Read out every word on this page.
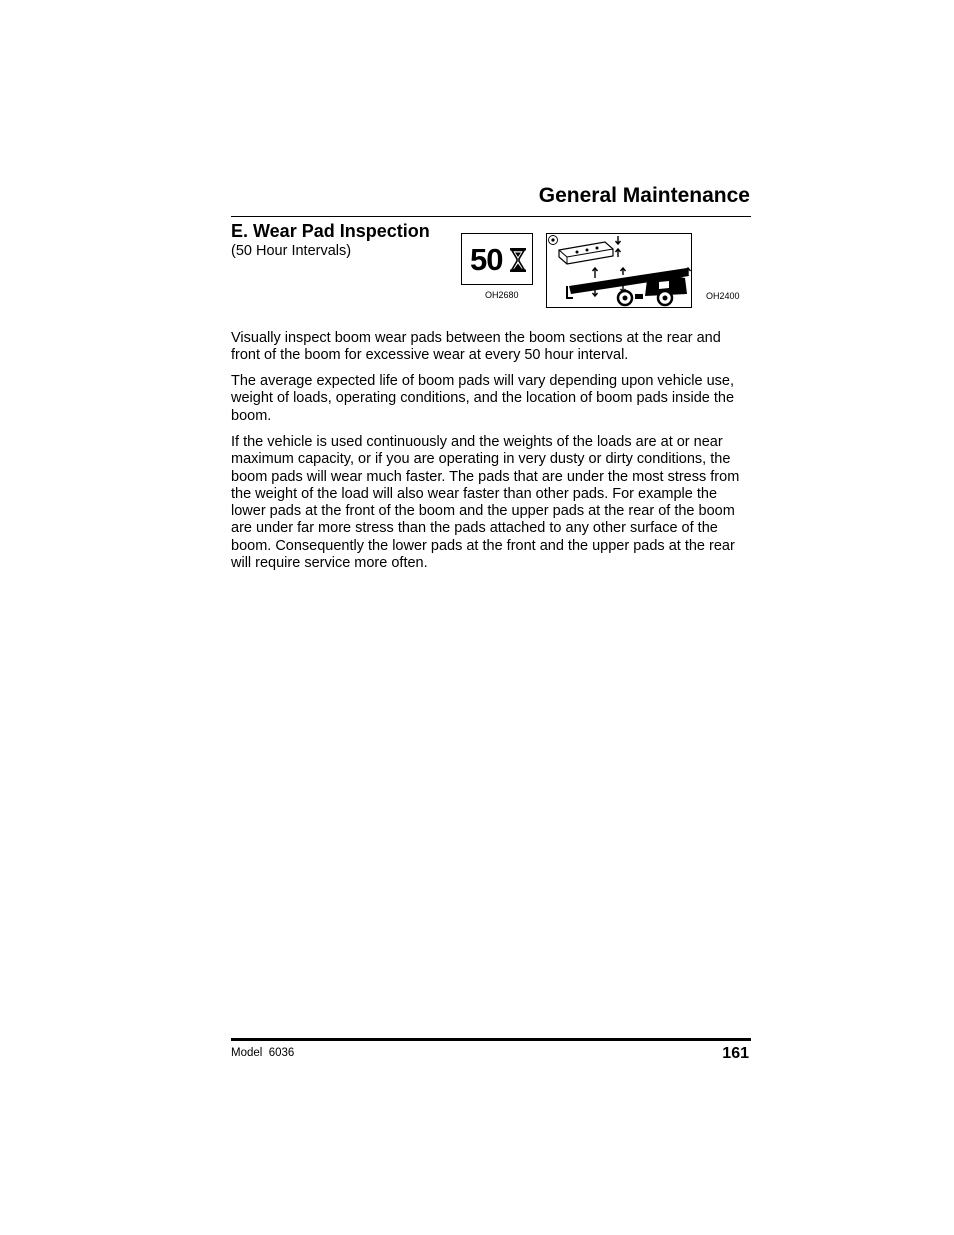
General Maintenance
E. Wear Pad Inspection
(50 Hour Intervals)	50
OH2680	OH2400

Visually inspect boom wear pads between the boom sections at the rear and front of the boom for excessive wear at every 50 hour interval.

The average expected life of boom pads will vary depending upon vehicle use, weight of loads, operating conditions, and the location of boom pads inside the boom.

If the vehicle is used continuously and the weights of the loads are at or near maximum capacity, or if you are operating in very dusty or dirty conditions, the boom pads will wear much faster. The pads that are under the most stress from the weight of the load will also wear faster than other pads. For example the lower pads at the front of the boom and the upper pads at the rear of the boom are under far more stress than the pads attached to any other surface of the boom. Consequently the lower pads at the front and the upper pads at the rear will require service more often.

Model  6036	161
